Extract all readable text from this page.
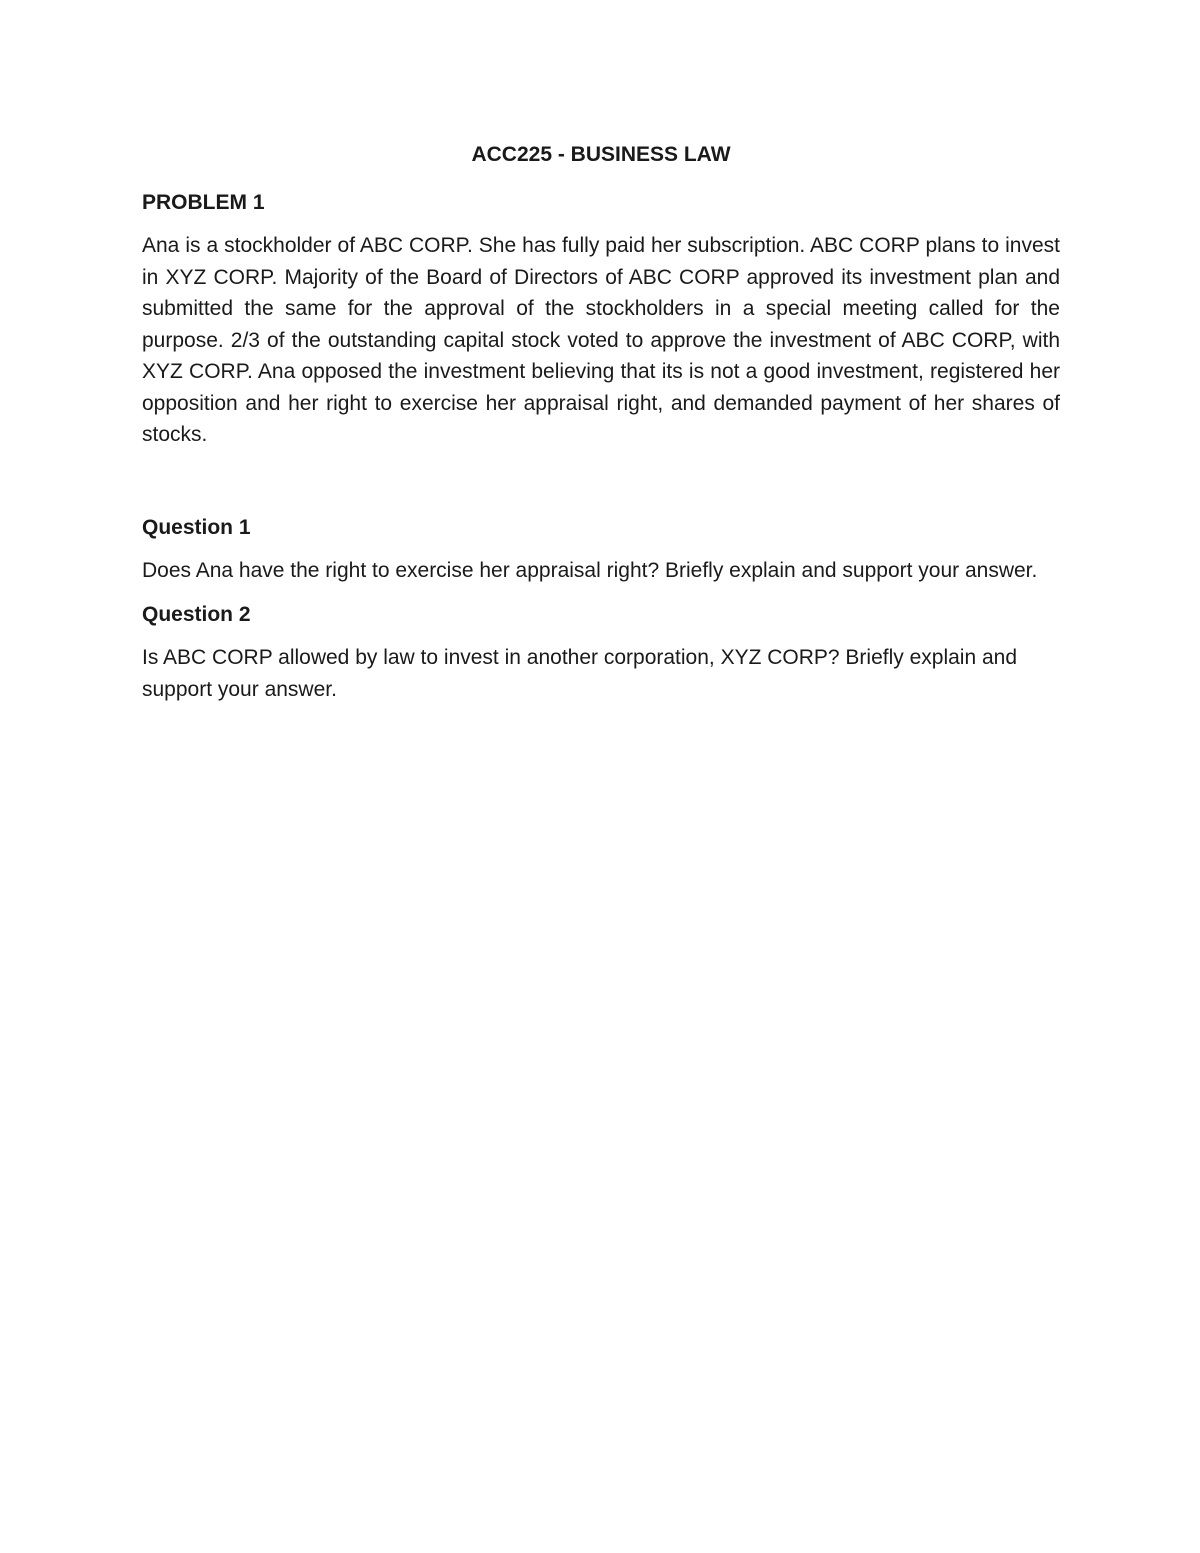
ACC225 - BUSINESS LAW
PROBLEM 1

Ana is a stockholder of ABC CORP. She has fully paid her subscription. ABC CORP plans to invest in XYZ CORP. Majority of the Board of Directors of ABC CORP approved its investment plan and submitted the same for the approval of the stockholders in a special meeting called for the purpose. 2/3 of the outstanding capital stock voted to approve the investment of ABC CORP, with XYZ CORP. Ana opposed the investment believing that its is not a good investment, registered her opposition and her right to exercise her appraisal right, and demanded payment of her shares of stocks.

Question 1

Does Ana have the right to exercise her appraisal right? Briefly explain and support your answer.

Question 2

Is ABC CORP allowed by law to invest in another corporation, XYZ CORP? Briefly explain and support your answer.
